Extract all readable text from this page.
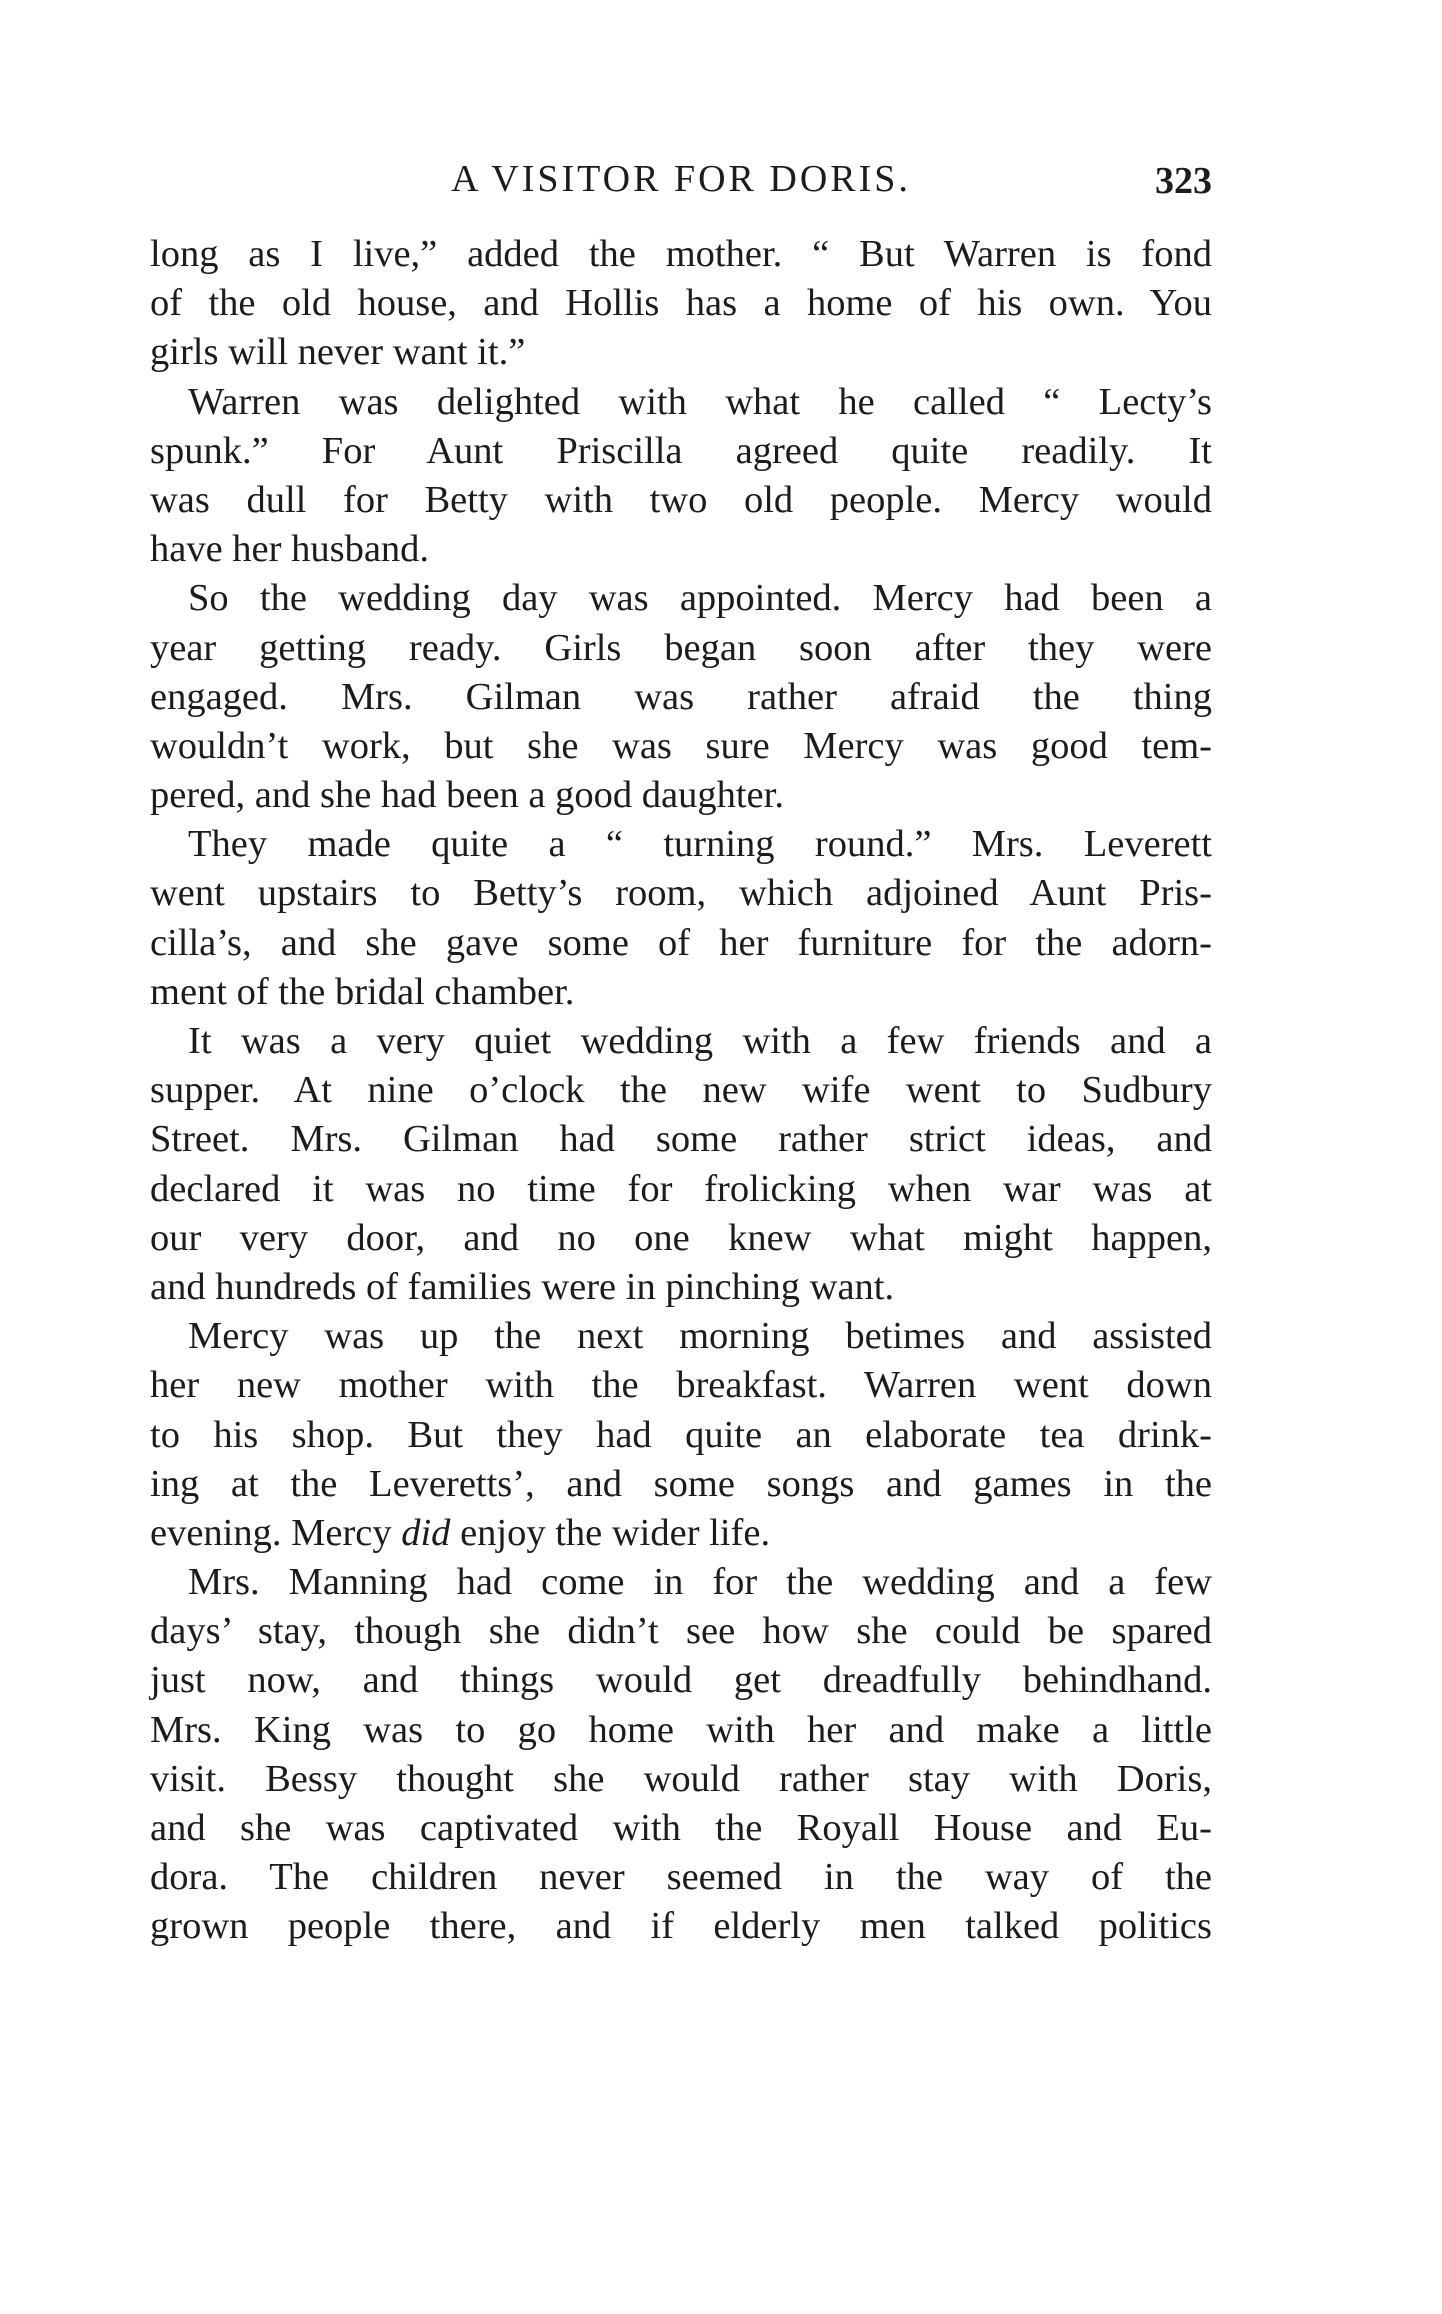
A VISITOR FOR DORIS.	323

long as I live,” added the mother. “ But Warren is fond
of the old house, and Hollis has a home of his own. You
girls will never want it.”

Warren was delighted with what he called “ Lecty’s
spunk.” For Aunt Priscilla agreed quite readily. It
was dull for Betty with two old people. Mercy would
have her husband.

So the wedding day was appointed. Mercy had been a
year getting ready. Girls began soon after they were
engaged. Mrs. Gilman was rather afraid the thing
wouldn’t work, but she was sure Mercy was good tem-
pered, and she had been a good daughter.

They made quite a “ turning round.” Mrs. Leverett
went upstairs to Betty’s room, which adjoined Aunt Pris-
cilla’s, and she gave some of her furniture for the adorn-
ment of the bridal chamber.

It was a very quiet wedding with a few friends and a
supper. At nine o’clock the new wife went to Sudbury
Street. Mrs. Gilman had some rather strict ideas, and
declared it was no time for frolicking when war was at
our very door, and no one knew what might happen,
and hundreds of families were in pinching want.

Mercy was up the next morning betimes and assisted
her new mother with the breakfast. Warren went down
to his shop. But they had quite an elaborate tea drink-
ing at the Leveretts’, and some songs and games in the
evening. Mercy did enjoy the wider life.

Mrs. Manning had come in for the wedding and a few
days’ stay, though she didn’t see how she could be spared
just now, and things would get dreadfully behindhand.
Mrs. King was to go home with her and make a little
visit. Bessy thought she would rather stay with Doris,
and she was captivated with the Royall House and Eu-
dora. The children never seemed in the way of the
grown people there, and if elderly men talked politics
